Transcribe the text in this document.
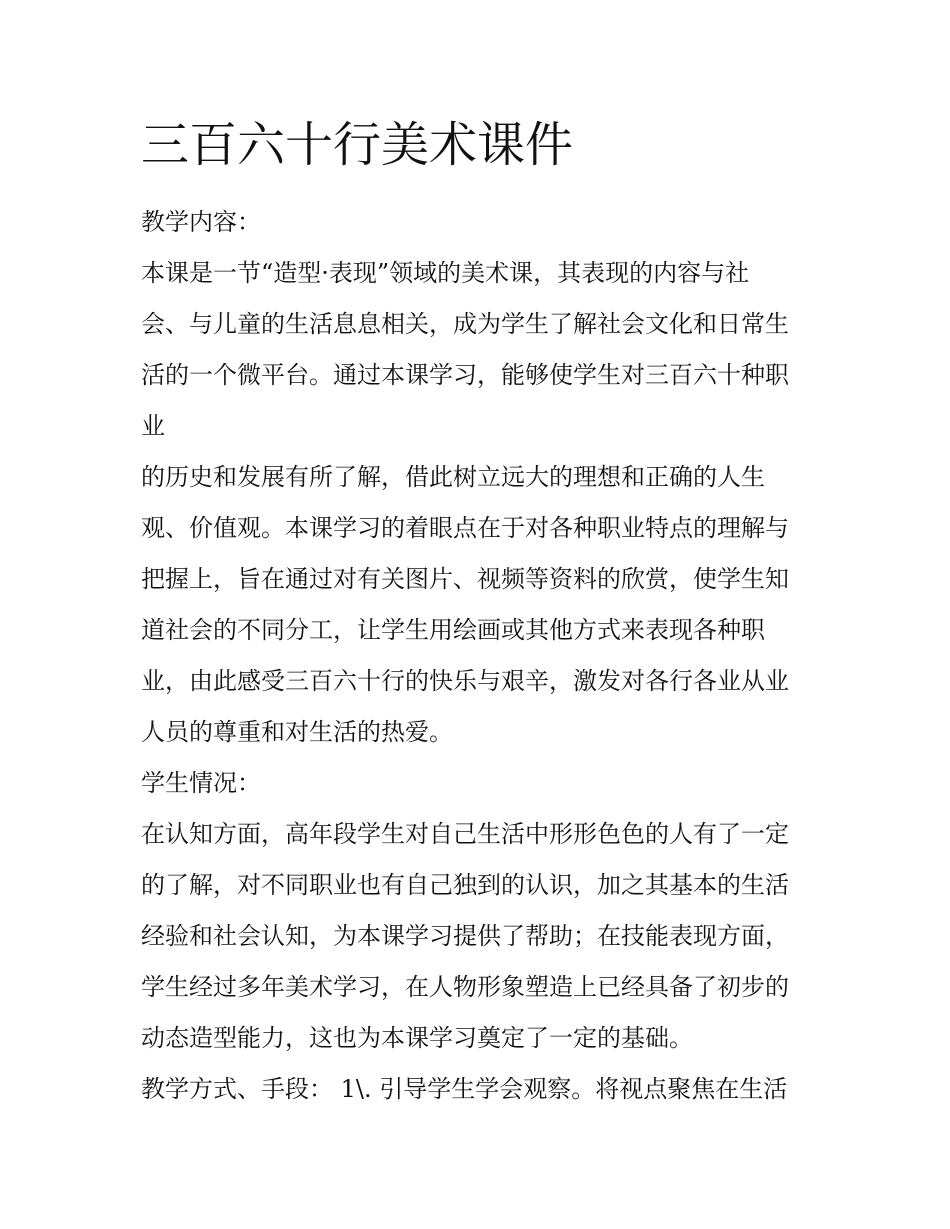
三百六十行美术课件
教学内容：
本课是一节“造型·表现”领域的美术课，其表现的内容与社
会、与儿童的生活息息相关，成为学生了解社会文化和日常生
活的一个微平台。通过本课学习，能够使学生对三百六十种职
业
的历史和发展有所了解，借此树立远大的理想和正确的人生
观、价值观。本课学习的着眼点在于对各种职业特点的理解与
把握上，旨在通过对有关图片、视频等资料的欣赏，使学生知
道社会的不同分工，让学生用绘画或其他方式来表现各种职
业，由此感受三百六十行的快乐与艰辛，激发对各行各业从业
人员的尊重和对生活的热爱。
学生情况：
在认知方面，高年段学生对自己生活中形形色色的人有了一定
的了解，对不同职业也有自己独到的认识，加之其基本的生活
经验和社会认知，为本课学习提供了帮助；在技能表现方面，
学生经过多年美术学习，在人物形象塑造上已经具备了初步的
动态造型能力，这也为本课学习奠定了一定的基础。
教学方式、手段： 1\. 引导学生学会观察。将视点聚焦在生活
